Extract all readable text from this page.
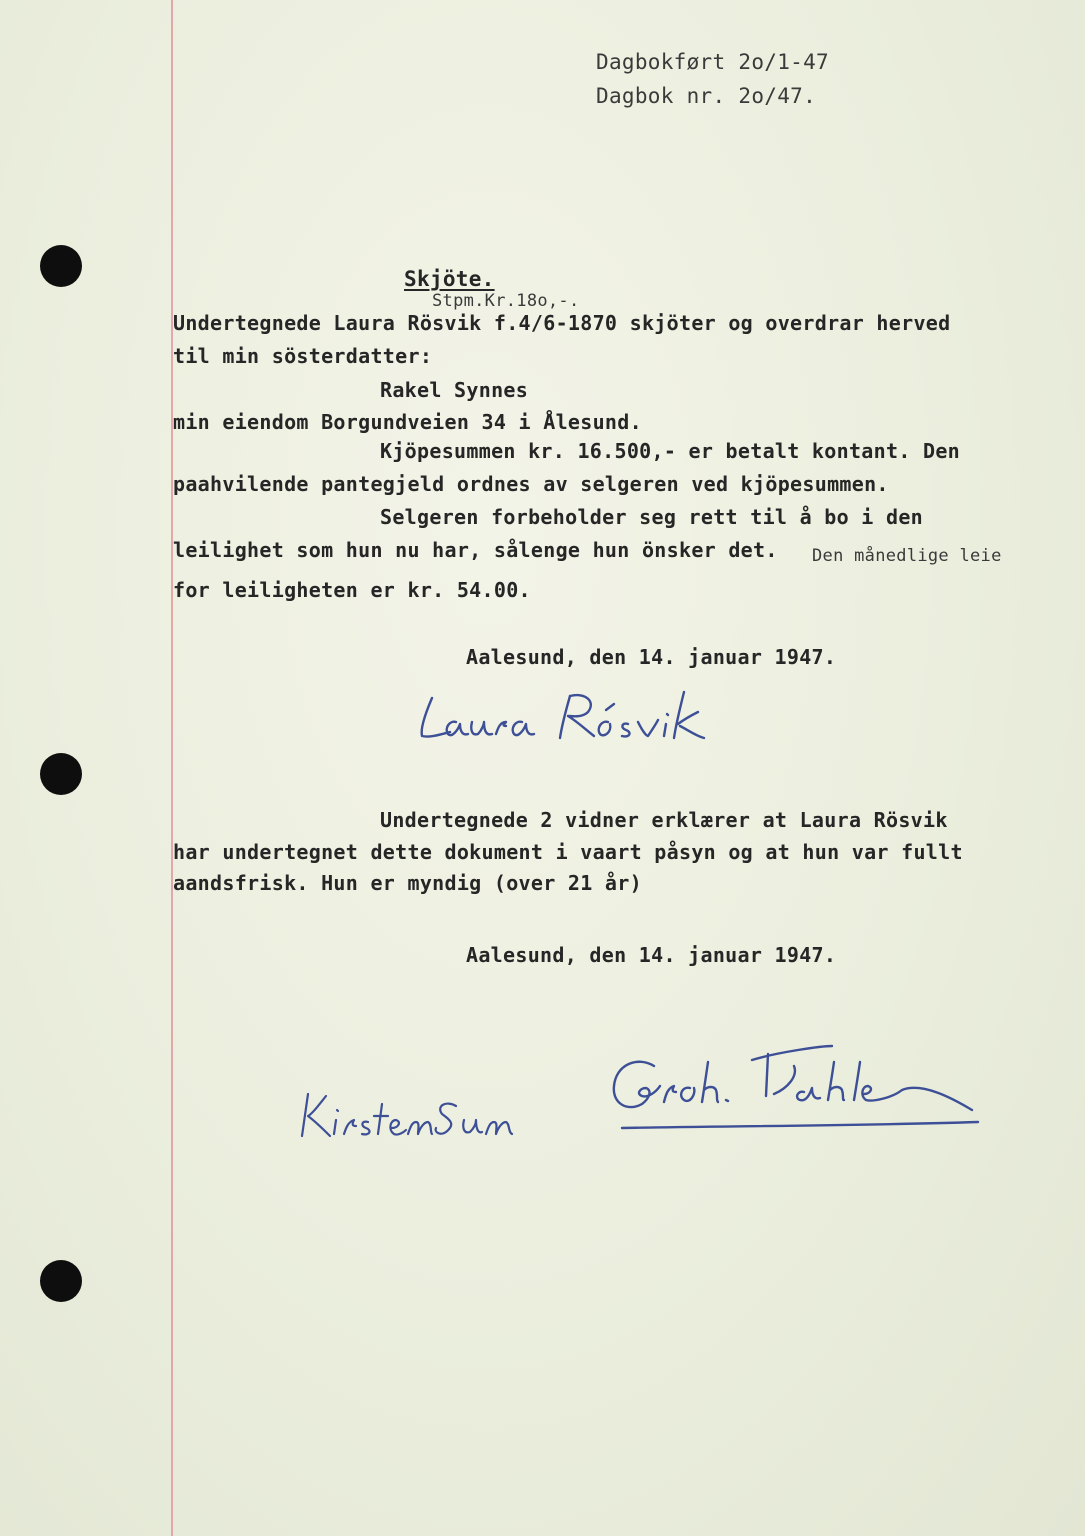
Dagbokført 2o/1-47

Dagbok nr. 2o/47.

Skjöte.

Stpm.Kr.18o,-.

Undertegnede Laura Rösvik f.4/6-1870 skjöter og overdrar herved

til min sösterdatter:

Rakel Synnes

min eiendom Borgundveien 34 i Ålesund.

Kjöpesummen kr. 16.500,- er betalt kontant. Den

paahvilende pantegjeld ordnes av selgeren ved kjöpesummen.

Selgeren forbeholder seg rett til å bo i den

leilighet som hun nu har, sålenge hun önsker det. Den månedlige leie

for leiligheten er kr. 54.00.

Aalesund, den 14. januar 1947.

Undertegnede 2 vidner erklærer at Laura Rösvik

har undertegnet dette dokument i vaart påsyn og at hun var fullt

aandsfrisk. Hun er myndig (over 21 år)

Aalesund, den 14. januar 1947.
